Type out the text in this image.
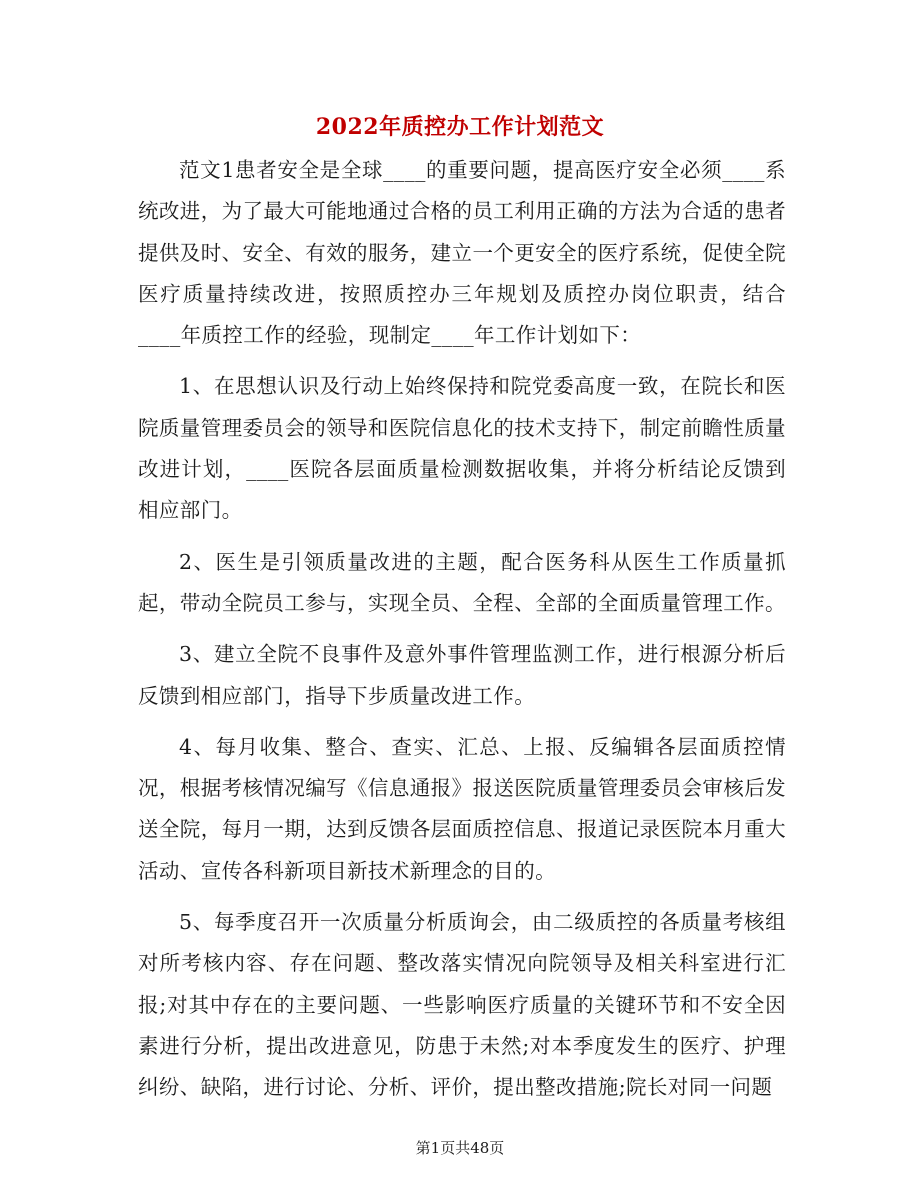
2022年质控办工作计划范文

范文1患者安全是全球____的重要问题，提高医疗安全必须____系统改进，为了最大可能地通过合格的员工利用正确的方法为合适的患者提供及时、安全、有效的服务，建立一个更安全的医疗系统，促使全院医疗质量持续改进，按照质控办三年规划及质控办岗位职责，结合____年质控工作的经验，现制定____年工作计划如下：

1、在思想认识及行动上始终保持和院党委高度一致，在院长和医院质量管理委员会的领导和医院信息化的技术支持下，制定前瞻性质量改进计划，____医院各层面质量检测数据收集，并将分析结论反馈到相应部门。

2、医生是引领质量改进的主题，配合医务科从医生工作质量抓起，带动全院员工参与，实现全员、全程、全部的全面质量管理工作。

3、建立全院不良事件及意外事件管理监测工作，进行根源分析后反馈到相应部门，指导下步质量改进工作。

4、每月收集、整合、查实、汇总、上报、反编辑各层面质控情况，根据考核情况编写《信息通报》报送医院质量管理委员会审核后发送全院，每月一期，达到反馈各层面质控信息、报道记录医院本月重大活动、宣传各科新项目新技术新理念的目的。

5、每季度召开一次质量分析质询会，由二级质控的各质量考核组对所考核内容、存在问题、整改落实情况向院领导及相关科室进行汇报;对其中存在的主要问题、一些影响医疗质量的关键环节和不安全因素进行分析，提出改进意见，防患于未然;对本季度发生的医疗、护理纠纷、缺陷，进行讨论、分析、评价，提出整改措施;院长对同一问题

第1页共48页
